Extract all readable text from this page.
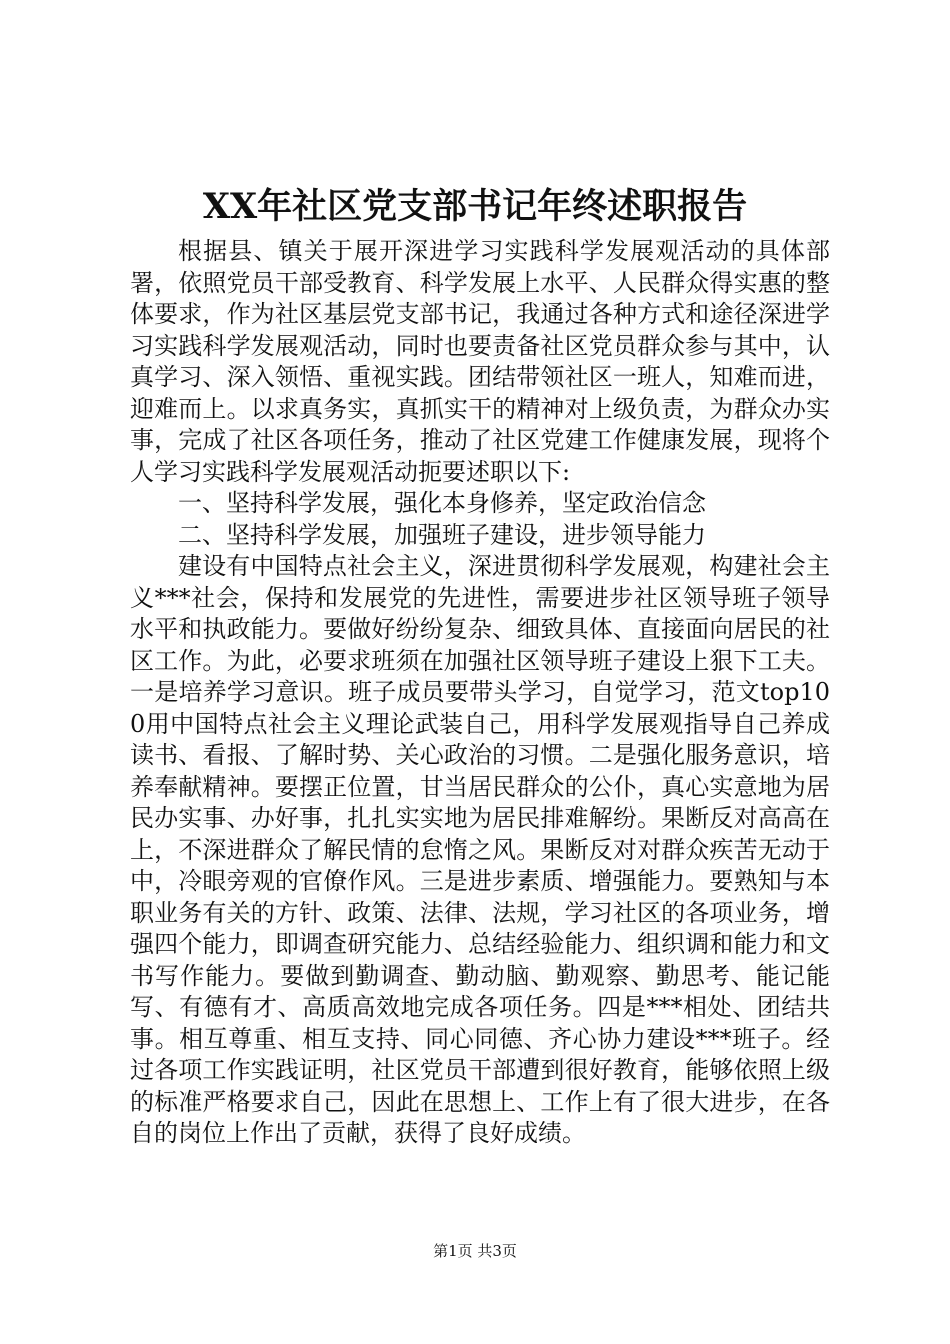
XX年社区党支部书记年终述职报告

根据县、镇关于展开深进学习实践科学发展观活动的具体部署，依照党员干部受教育、科学发展上水平、人民群众得实惠的整体要求，作为社区基层党支部书记，我通过各种方式和途径深进学习实践科学发展观活动，同时也要责备社区党员群众参与其中，认真学习、深入领悟、重视实践。团结带领社区一班人，知难而进，迎难而上。以求真务实，真抓实干的精神对上级负责，为群众办实事，完成了社区各项任务，推动了社区党建工作健康发展，现将个人学习实践科学发展观活动扼要述职以下:

一、坚持科学发展，强化本身修养，坚定政治信念

二、坚持科学发展，加强班子建设，进步领导能力

建设有中国特点社会主义，深进贯彻科学发展观，构建社会主义***社会，保持和发展党的先进性，需要进步社区领导班子领导水平和执政能力。要做好纷纷复杂、细致具体、直接面向居民的社区工作。为此，必要求班须在加强社区领导班子建设上狠下工夫。一是培养学习意识。班子成员要带头学习，自觉学习，范文top100用中国特点社会主义理论武装自己，用科学发展观指导自己养成读书、看报、了解时势、关心政治的习惯。二是强化服务意识，培养奉献精神。要摆正位置，甘当居民群众的公仆，真心实意地为居民办实事、办好事，扎扎实实地为居民排难解纷。果断反对高高在上，不深进群众了解民情的怠惰之风。果断反对对群众疾苦无动于中，冷眼旁观的官僚作风。三是进步素质、增强能力。要熟知与本职业务有关的方针、政策、法律、法规，学习社区的各项业务，增强四个能力，即调查研究能力、总结经验能力、组织调和能力和文书写作能力。要做到勤调查、勤动脑、勤观察、勤思考、能记能写、有德有才、高质高效地完成各项任务。四是***相处、团结共事。相互尊重、相互支持、同心同德、齐心协力建设***班子。经过各项工作实践证明，社区党员干部遭到很好教育，能够依照上级的标准严格要求自己，因此在思想上、工作上有了很大进步，在各自的岗位上作出了贡献，获得了良好成绩。

第1页 共3页
